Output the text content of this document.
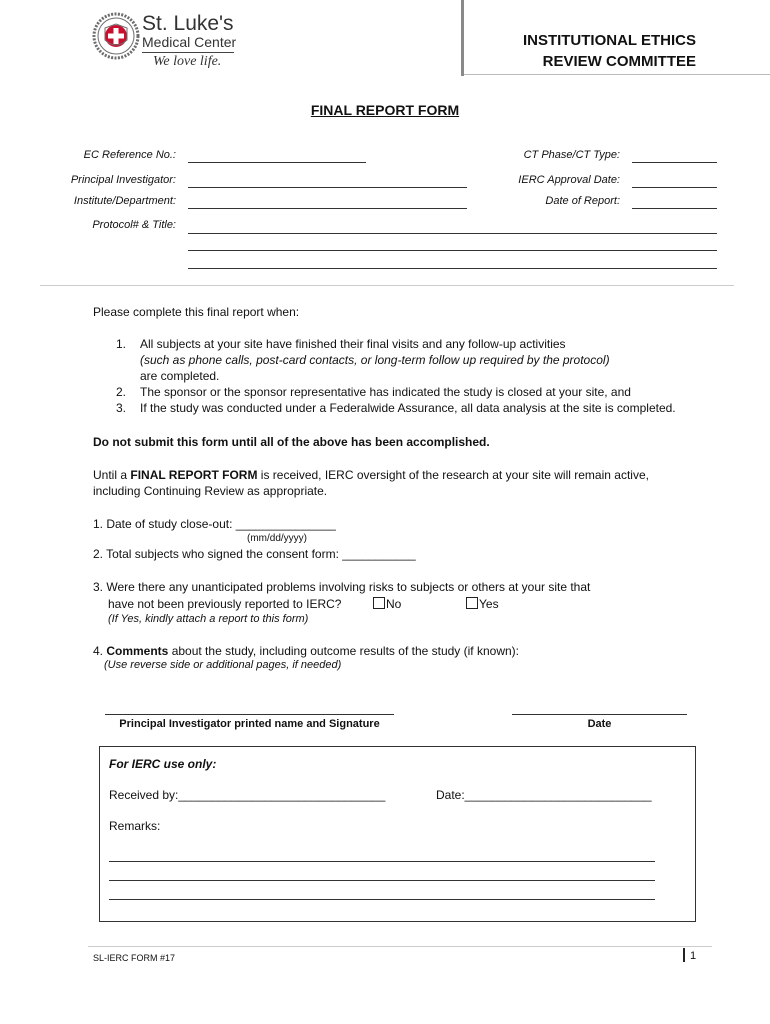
St. Luke's
Medical Center
We love life.
INSTITUTIONAL ETHICS
REVIEW COMMITTEE
FINAL REPORT FORM
EC Reference No.:
Principal Investigator:
Institute/Department:
Protocol# & Title:
CT Phase/CT Type:
IERC Approval Date:
Date of Report:
Please complete this final report when:
1. All subjects at your site have finished their final visits and any follow-up activities
(such as phone calls, post-card contacts, or long-term follow up required by the protocol)
are completed.
2. The sponsor or the sponsor representative has indicated the study is closed at your site, and
3. If the study was conducted under a Federalwide Assurance, all data analysis at the site is completed.
Do not submit this form until all of the above has been accomplished.
Until a FINAL REPORT FORM is received, IERC oversight of the research at your site will remain active,
including Continuing Review as appropriate.
1. Date of study close-out: _______________
(mm/dd/yyyy)
2. Total subjects who signed the consent form: ___________
3. Were there any unanticipated problems involving risks to subjects or others at your site that
have not been previously reported to IERC?	No	Yes
(If Yes, kindly attach a report to this form)
4. Comments about the study, including outcome results of the study (if known):
(Use reverse side or additional pages, if needed)
Principal Investigator printed name and Signature	Date
For IERC use only:
Received by:_______________________________	Date:____________________________
Remarks:
SL-IERC FORM #17	1
